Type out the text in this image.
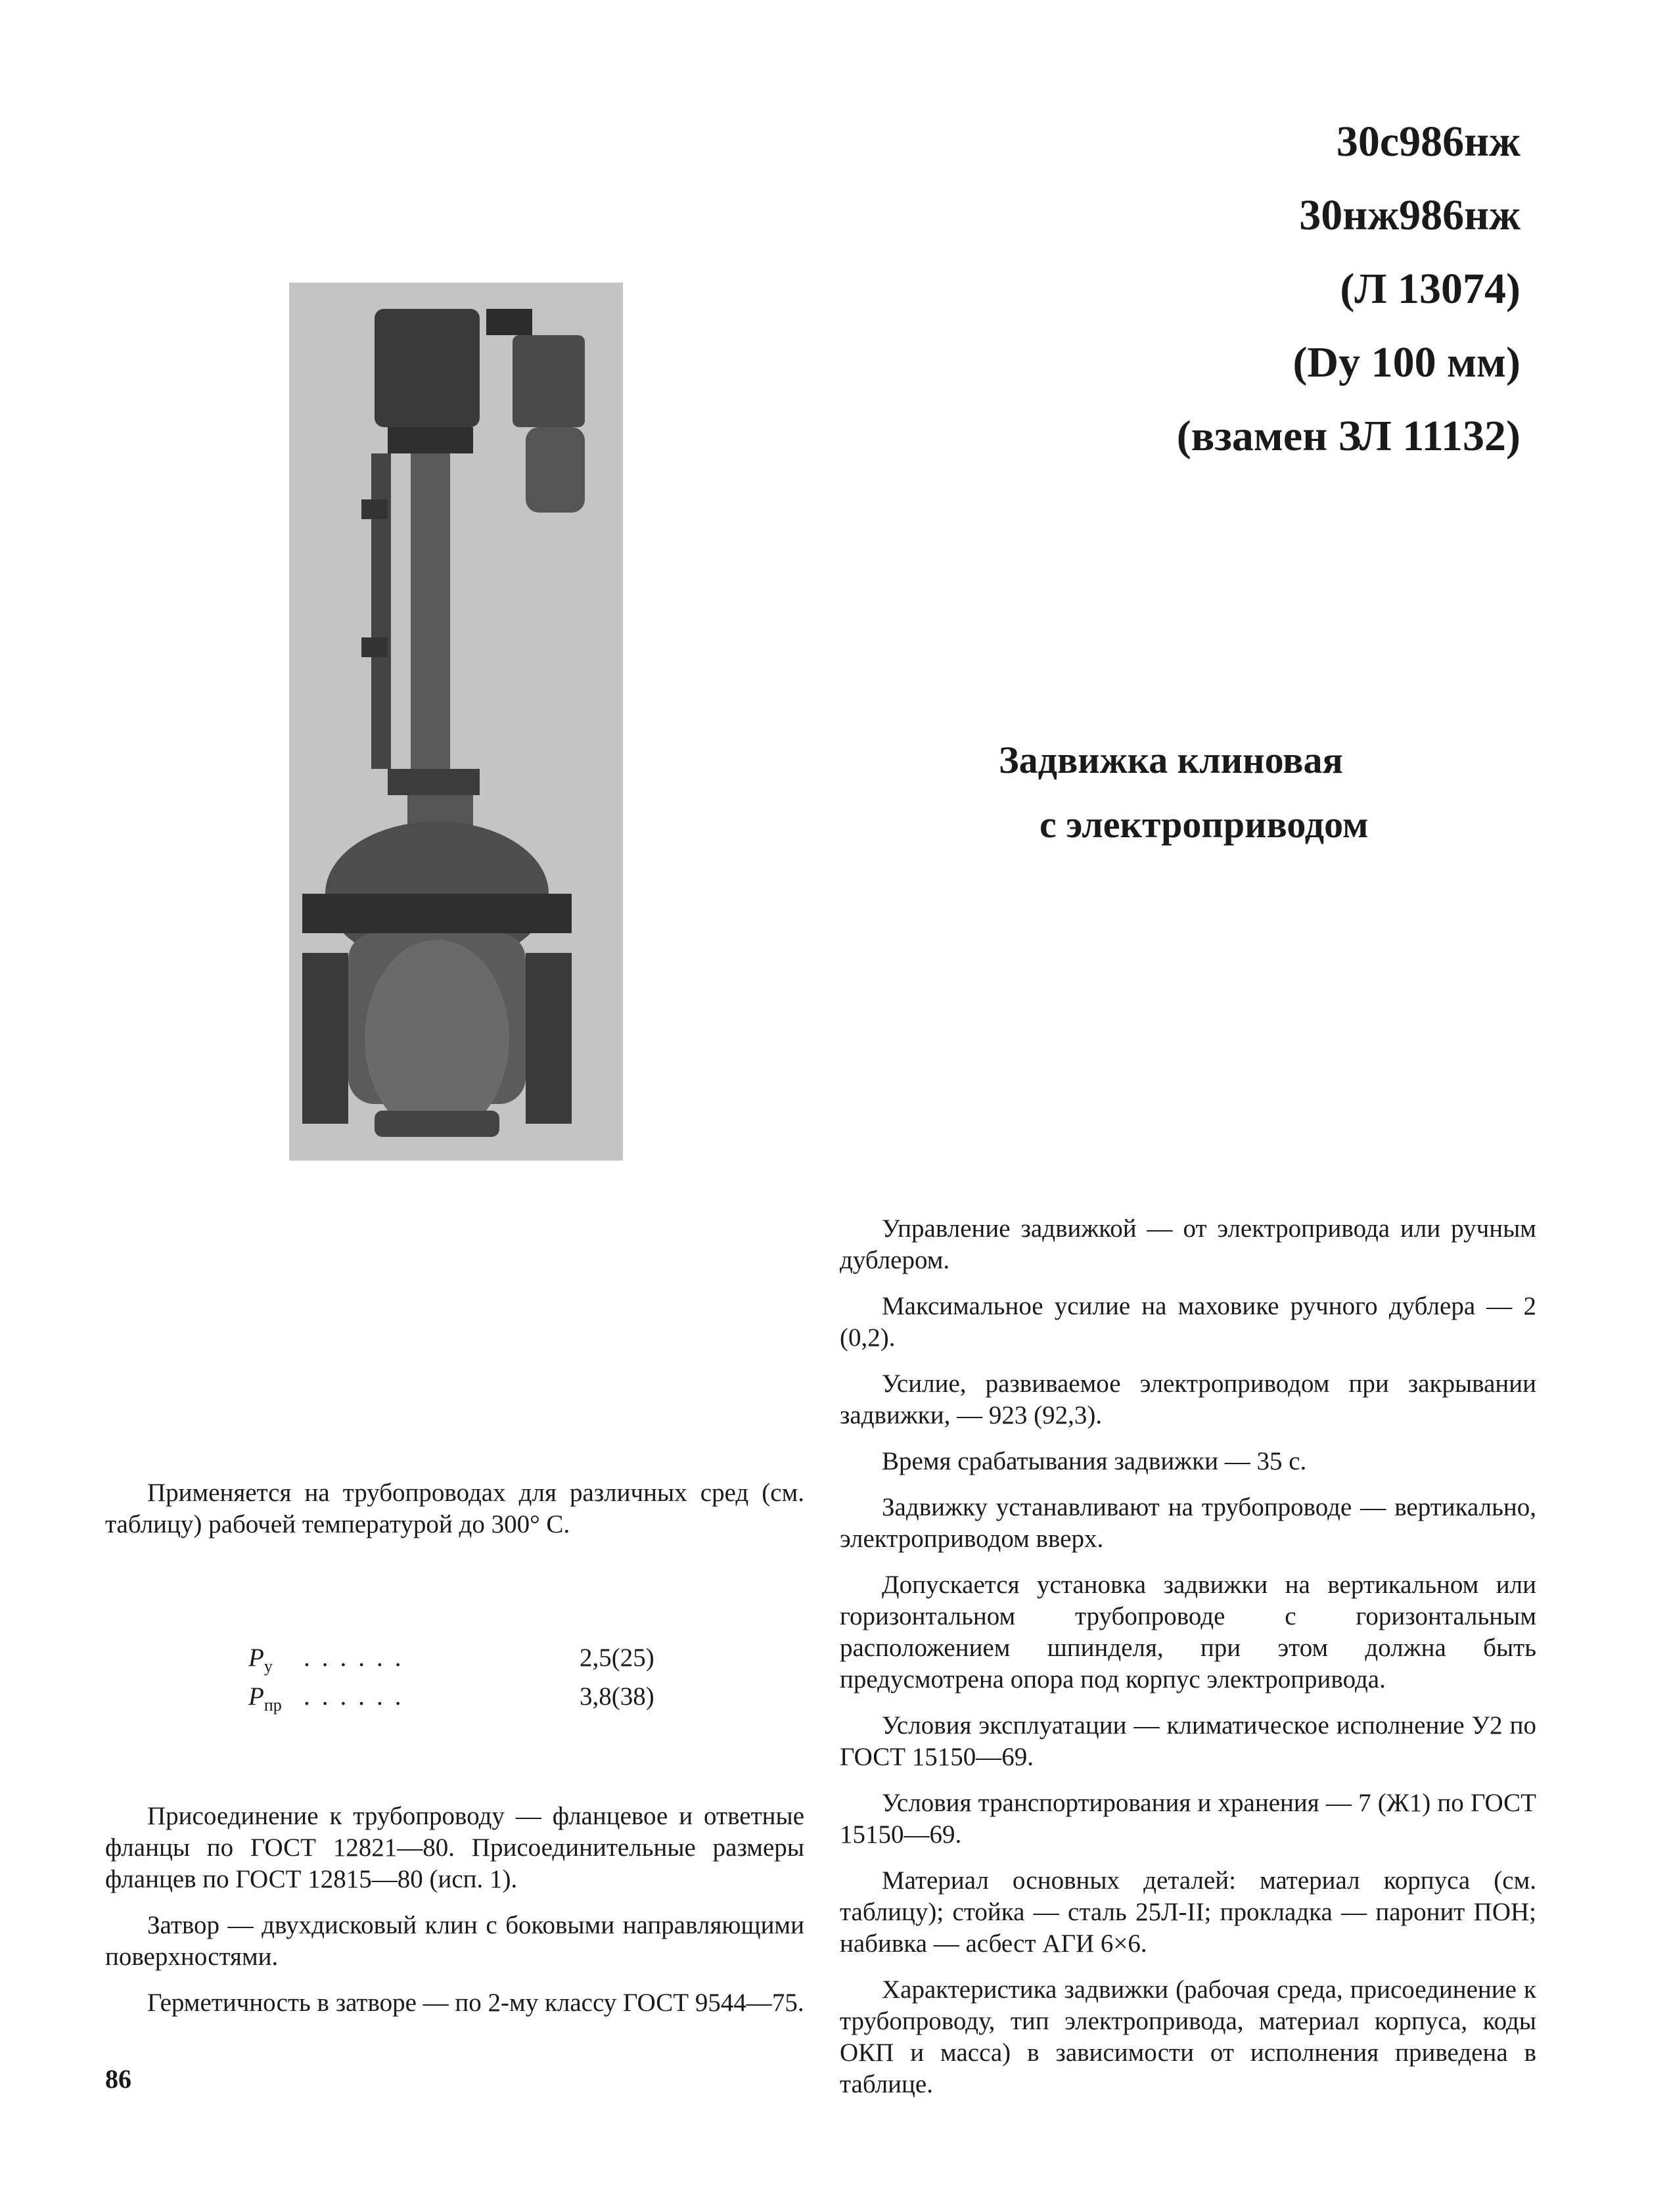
30с986нж
30нж986нж
(Л 13074)
(Dу 100 мм)
(взамен ЗЛ 11132)
Задвижка клиновая
с электроприводом

Применяется на трубопроводах для различных сред (см. таблицу) рабочей температурой до 300° С.

$P_у$	......	2,5(25)
$P_{пр}$ ......	3,8(38)

Присоединение к трубопроводу — фланцевое и ответные фланцы по ГОСТ 12821—80. Присоединительные размеры фланцев по ГОСТ 12815—80 (исп. 1).

Затвор — двухдисковый клин с боковыми направляющими поверхностями.

Герметичность в затворе — по 2-му классу ГОСТ 9544—75.

Управление задвижкой — от электропривода или ручным дублером.

Максимальное усилие на маховике ручного дублера — 2 (0,2).

Усилие, развиваемое электроприводом при закрывании задвижки, — 923 (92,3).

Время срабатывания задвижки — 35 с.

Задвижку устанавливают на трубопроводе — вертикально, электроприводом вверх.

Допускается установка задвижки на вертикальном или горизонтальном трубопроводе с горизонтальным расположением шпинделя, при этом должна быть предусмотрена опора под корпус электропривода.

Условия эксплуатации — климатическое исполнение У2 по ГОСТ 15150—69.

Условия транспортирования и хранения — 7 (Ж1) по ГОСТ 15150—69.

Материал основных деталей: материал корпуса (см. таблицу); стойка — сталь 25Л-II; прокладка — паронит ПОН; набивка — асбест АГИ 6×6.

Характеристика задвижки (рабочая среда, присоединение к трубопроводу, тип электропривода, материал корпуса, коды ОКП и масса) в зависимости от исполнения приведена в таблице.

86
